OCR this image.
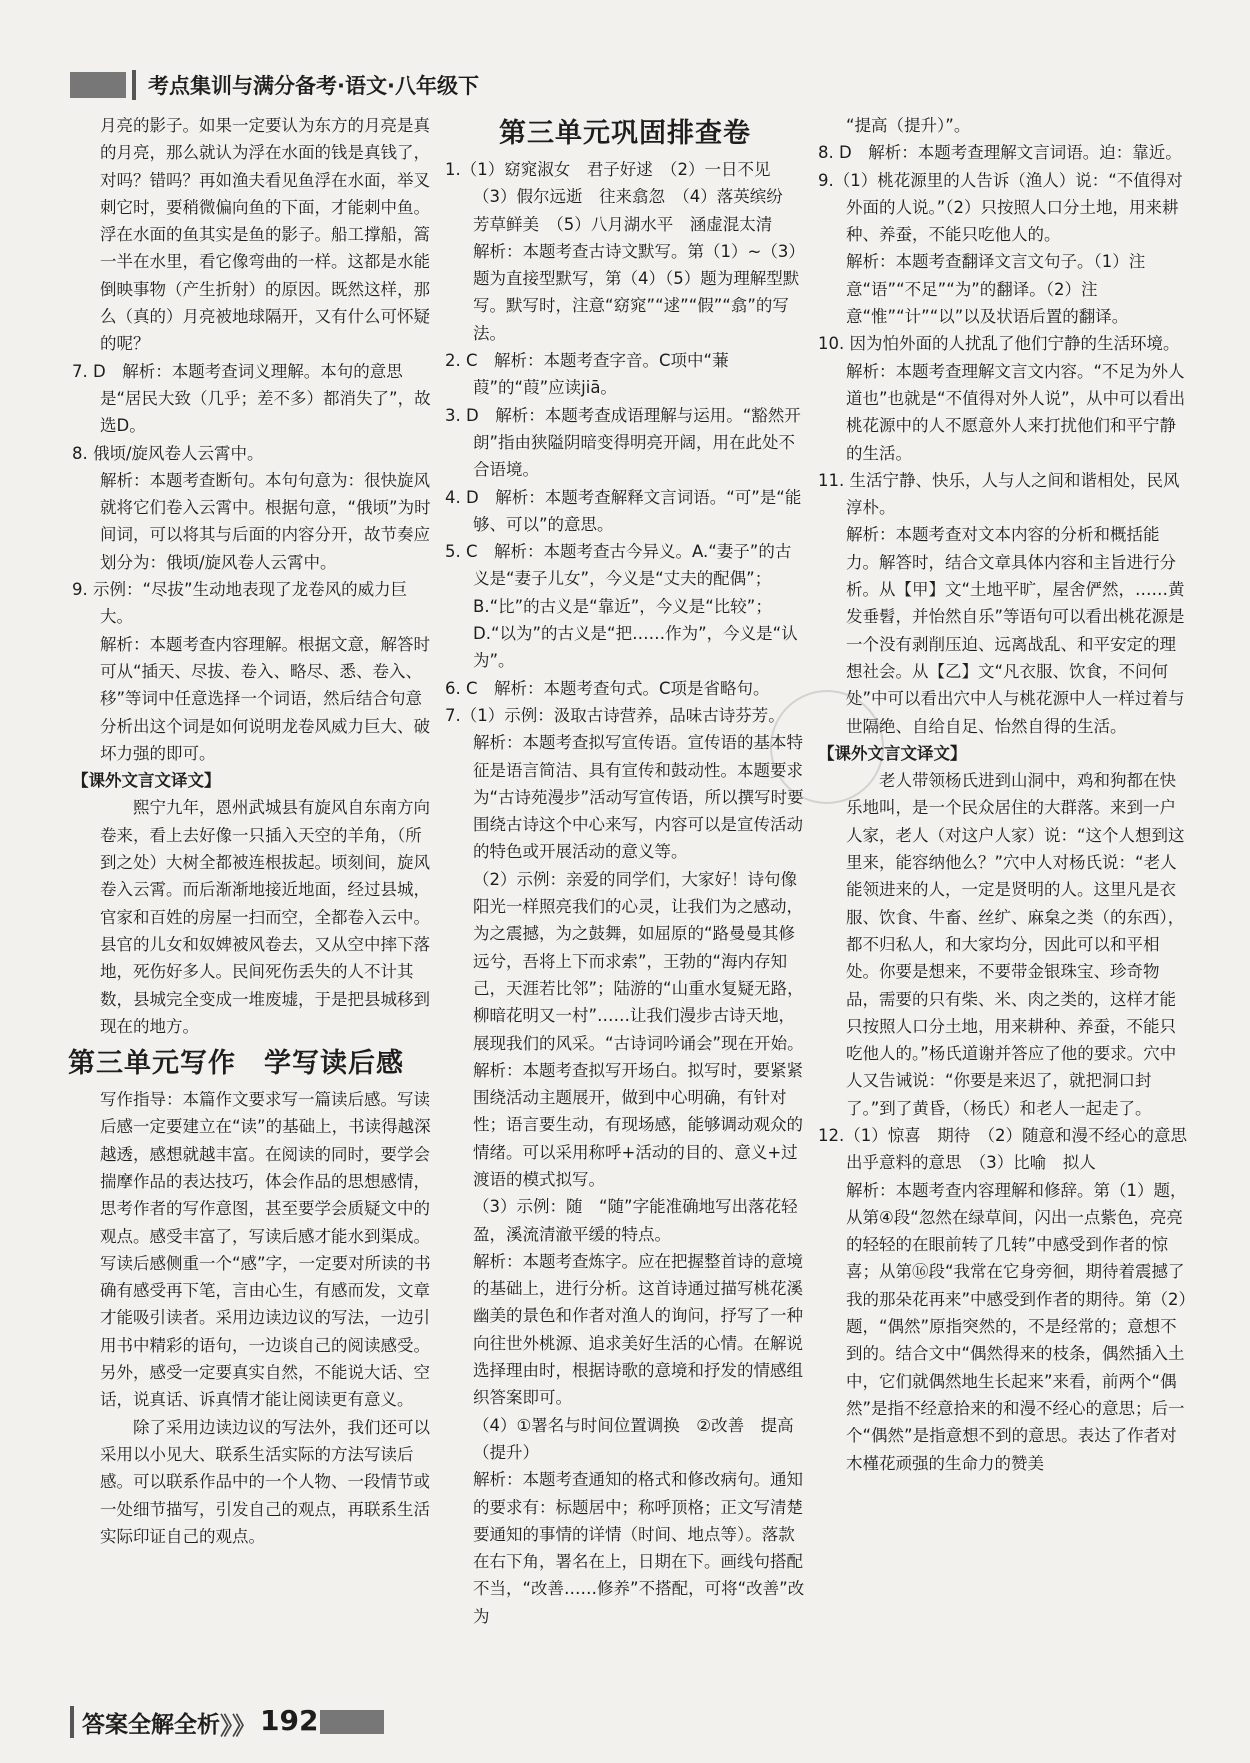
考点集训与满分备考·语文·八年级下

月亮的影子。如果一定要认为东方的月亮是真的月亮，那么就认为浮在水面的钱是真钱了，对吗？错吗？再如渔夫看见鱼浮在水面，举叉刺它时，要稍微偏向鱼的下面，才能刺中鱼。浮在水面的鱼其实是鱼的影子。船工撑船，篙一半在水里，看它像弯曲的一样。这都是水能倒映事物（产生折射）的原因。既然这样，那么（真的）月亮被地球隔开，又有什么可怀疑的呢？

7. D　解析：本题考查词义理解。本句的意思是“居民大致（几乎；差不多）都消失了”，故选D。

8. 俄顷/旋风卷人云霄中。

解析：本题考查断句。本句句意为：很快旋风就将它们卷入云霄中。根据句意，“俄顷”为时间词，可以将其与后面的内容分开，故节奏应划分为：俄顷/旋风卷人云霄中。

9. 示例：“尽拔”生动地表现了龙卷风的威力巨大。

解析：本题考查内容理解。根据文意，解答时可从“插天、尽拔、卷入、略尽、悉、卷入、移”等词中任意选择一个词语，然后结合句意分析出这个词是如何说明龙卷风威力巨大、破坏力强的即可。

【课外文言文译文】

熙宁九年，恩州武城县有旋风自东南方向卷来，看上去好像一只插入天空的羊角，（所到之处）大树全都被连根拔起。顷刻间，旋风卷入云霄。而后渐渐地接近地面，经过县城，官家和百姓的房屋一扫而空，全都卷入云中。县官的儿女和奴婢被风卷去，又从空中摔下落地，死伤好多人。民间死伤丢失的人不计其数，县城完全变成一堆废墟，于是把县城移到现在的地方。

第三单元写作　学写读后感

写作指导：本篇作文要求写一篇读后感。写读后感一定要建立在“读”的基础上，书读得越深越透，感想就越丰富。在阅读的同时，要学会揣摩作品的表达技巧，体会作品的思想感情，思考作者的写作意图，甚至要学会质疑文中的观点。感受丰富了，写读后感才能水到渠成。写读后感侧重一个“感”字，一定要对所读的书确有感受再下笔，言由心生，有感而发，文章才能吸引读者。采用边读边议的写法，一边引用书中精彩的语句，一边谈自己的阅读感受。另外，感受一定要真实自然，不能说大话、空话，说真话、诉真情才能让阅读更有意义。

除了采用边读边议的写法外，我们还可以采用以小见大、联系生活实际的方法写读后感。可以联系作品中的一个人物、一段情节或一处细节描写，引发自己的观点，再联系生活实际印证自己的观点。

第三单元巩固排查卷

1.（1）窈窕淑女　君子好逑　（2）一日不见　（3）假尔远逝　往来翕忽　（4）落英缤纷　芳草鲜美　（5）八月湖水平　涵虚混太清

解析：本题考查古诗文默写。第（1）~（3）题为直接型默写，第（4）（5）题为理解型默写。默写时，注意“窈窕”“逑”“假”“翕”的写法。

2. C　解析：本题考查字音。C项中“蒹葭”的“葭”应读jiā。

3. D　解析：本题考查成语理解与运用。“豁然开朗”指由狭隘阴暗变得明亮开阔，用在此处不合语境。

4. D　解析：本题考查解释文言词语。“可”是“能够、可以”的意思。

5. C　解析：本题考查古今异义。A.“妻子”的古义是“妻子儿女”，今义是“丈夫的配偶”；B.“比”的古义是“靠近”，今义是“比较”；D.“以为”的古义是“把……作为”，今义是“认为”。

6. C　解析：本题考查句式。C项是省略句。

7.（1）示例：汲取古诗营养，品味古诗芬芳。

解析：本题考查拟写宣传语。宣传语的基本特征是语言简洁、具有宣传和鼓动性。本题要求为“古诗苑漫步”活动写宣传语，所以撰写时要围绕古诗这个中心来写，内容可以是宣传活动的特色或开展活动的意义等。

（2）示例：亲爱的同学们，大家好！诗句像阳光一样照亮我们的心灵，让我们为之感动，为之震撼，为之鼓舞，如屈原的“路曼曼其修远兮，吾将上下而求索”，王勃的“海内存知己，天涯若比邻”；陆游的“山重水复疑无路，柳暗花明又一村”……让我们漫步古诗天地，展现我们的风采。“古诗词吟诵会”现在开始。

解析：本题考查拟写开场白。拟写时，要紧紧围绕活动主题展开，做到中心明确，有针对性；语言要生动，有现场感，能够调动观众的情绪。可以采用称呼+活动的目的、意义+过渡语的模式拟写。

（3）示例：随　“随”字能准确地写出落花轻盈，溪流清澈平缓的特点。

解析：本题考查炼字。应在把握整首诗的意境的基础上，进行分析。这首诗通过描写桃花溪幽美的景色和作者对渔人的询问，抒写了一种向往世外桃源、追求美好生活的心情。在解说选择理由时，根据诗歌的意境和抒发的情感组织答案即可。

（4）①署名与时间位置调换　②改善　提高（提升）

解析：本题考查通知的格式和修改病句。通知的要求有：标题居中；称呼顶格；正文写清楚要通知的事情的详情（时间、地点等）。落款在右下角，署名在上，日期在下。画线句搭配不当，“改善……修养”不搭配，可将“改善”改为

“提高（提升）”。

8. D　解析：本题考查理解文言词语。迫：靠近。

9.（1）桃花源里的人告诉（渔人）说：“不值得对外面的人说。”（2）只按照人口分土地，用来耕种、养蚕，不能只吃他人的。

解析：本题考查翻译文言文句子。（1）注意“语”“不足”“为”的翻译。（2）注意“惟”“计”“以”以及状语后置的翻译。

10. 因为怕外面的人扰乱了他们宁静的生活环境。

解析：本题考查理解文言文内容。“不足为外人道也”也就是“不值得对外人说”，从中可以看出桃花源中的人不愿意外人来打扰他们和平宁静的生活。

11. 生活宁静、快乐，人与人之间和谐相处，民风淳朴。

解析：本题考查对文本内容的分析和概括能力。解答时，结合文章具体内容和主旨进行分析。从【甲】文“土地平旷，屋舍俨然，……黄发垂髫，并怡然自乐”等语句可以看出桃花源是一个没有剥削压迫、远离战乱、和平安定的理想社会。从【乙】文“凡衣服、饮食，不问何处”中可以看出穴中人与桃花源中人一样过着与世隔绝、自给自足、怡然自得的生活。

【课外文言文译文】

老人带领杨氏进到山洞中，鸡和狗都在快乐地叫，是一个民众居住的大群落。来到一户人家，老人（对这户人家）说：“这个人想到这里来，能容纳他么？”穴中人对杨氏说：“老人能领进来的人，一定是贤明的人。这里凡是衣服、饮食、牛畜、丝纩、麻枲之类（的东西），都不归私人，和大家均分，因此可以和平相处。你要是想来，不要带金银珠宝、珍奇物品，需要的只有柴、米、肉之类的，这样才能只按照人口分土地，用来耕种、养蚕，不能只吃他人的。”杨氏道谢并答应了他的要求。穴中人又告诫说：“你要是来迟了，就把洞口封了。”到了黄昏，（杨氏）和老人一起走了。

12.（1）惊喜　期待　（2）随意和漫不经心的意思　出乎意料的意思　（3）比喻　拟人

解析：本题考查内容理解和修辞。第（1）题，从第④段“忽然在绿草间，闪出一点紫色，亮亮的轻轻的在眼前转了几转”中感受到作者的惊喜；从第⑯段“我常在它身旁徊，期待着震撼了我的那朵花再来”中感受到作者的期待。第（2）题，“偶然”原指突然的，不是经常的；意想不到的。结合文中“偶然得来的枝条，偶然插入土中，它们就偶然地生长起来”来看，前两个“偶然”是指不经意拾来的和漫不经心的意思；后一个“偶然”是指意想不到的意思。表达了作者对木槿花顽强的生命力的赞美

答案全解全析 》》 192
